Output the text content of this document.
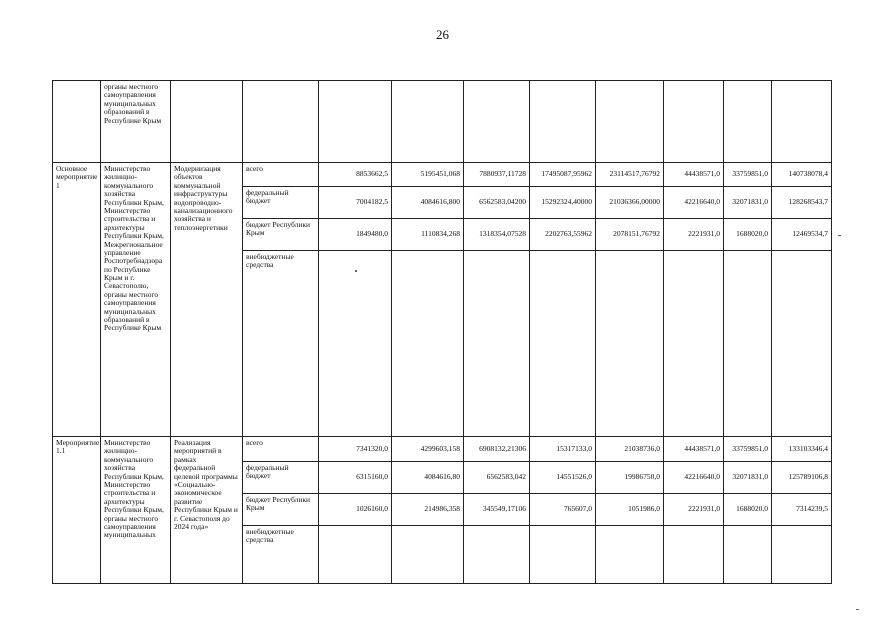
26
	органы местного самоуправления муниципальных образований в Республике Крым										
Основное мероприятие 1	Министерство жилищно-коммунального хозяйства Республики Крым, Министерство строительства и архитектуры Республики Крым, Межрегиональное управление Роспотребнадзора по Республике Крым и г. Севастополю, органы местного самоуправления муниципальных образований в Республике Крым	Модернизация объектов коммунальной инфраструктуры водопроводно-канализационного хозяйства и теплоэнергетики	всего	8853662,5	5195451,068	7880937,11728	17495087,95962	23114517,76792	44438571,0	33759851,0	140738078,4
			федеральный бюджет	7004182,5	4084616,800	6562583,04200	15292324,40000	21036366,00000	42216640,0	32071831,0	128268543,7
			бюджет Республики Крым	1849480,0	1110834,268	1318354,07528	2202763,55962	2078151,76792	2221931,0	1688020,0	12469534,7
			внебюджетные средства								
Мероприятие 1.1	Министерство жилищно-коммунального хозяйства Республики Крым, Министерство строительства и архитектуры Республики Крым, органы местного самоуправления муниципальных	Реализация мероприятий в рамках федеральной целевой программы «Социально-экономическое развитие Республики Крым и г. Севастополя до 2024 года»	всего	7341320,0	4299603,158	6908132,21306	15317133,0	21038736,0	44438571,0	33759851,0	133103346,4
			федеральный бюджет	6315160,0	4084616,80	6562583,042	14551526,0	19986750,0	42216640,0	32071831,0	125789106,8
			бюджет Республики Крым	1026160,0	214986,358	345549,17106	765607,0	1051986,0	2221931,0	1688020,0	7314239,5
			внебюджетные средства								
